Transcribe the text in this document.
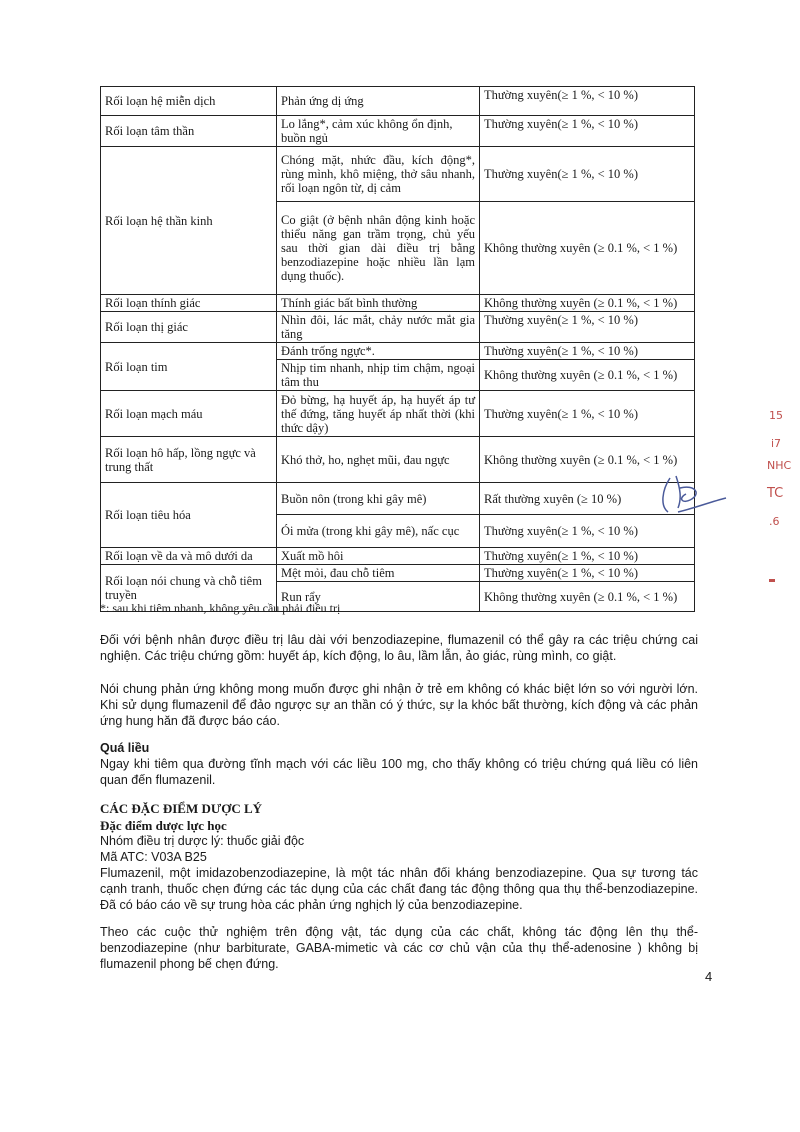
Rối loạn hệ miễn dịch	Phản ứng dị ứng	Thường xuyên(≥ 1 %, < 10 %)
Rối loạn tâm thần	Lo lắng*, cảm xúc không ổn định, buồn ngủ	Thường xuyên(≥ 1 %, < 10 %)
Rối loạn hệ thần kinh	Chóng mặt, nhức đầu, kích động*, rùng mình, khô miệng, thở sâu nhanh, rối loạn ngôn từ, dị cảm	Thường xuyên(≥ 1 %, < 10 %)
	Co giật (ở bệnh nhân động kinh hoặc thiểu năng gan trầm trọng, chủ yếu sau thời gian dài điều trị bằng benzodiazepine hoặc nhiều lần lạm dụng thuốc).	Không thường xuyên (≥ 0.1 %, < 1 %)
Rối loạn thính giác	Thính giác bất bình thường	Không thường xuyên (≥ 0.1 %, < 1 %)
Rối loạn thị giác	Nhìn đôi, lác mắt, chảy nước mắt gia tăng	Thường xuyên(≥ 1 %, < 10 %)
Rối loạn tim	Đánh trống ngực*.	Thường xuyên(≥ 1 %, < 10 %)
	Nhịp tim nhanh, nhịp tim chậm, ngoại tâm thu	Không thường xuyên (≥ 0.1 %, < 1 %)
Rối loạn mạch máu	Đỏ bừng, hạ huyết áp, hạ huyết áp tư thế đứng, tăng huyết áp nhất thời (khi thức dậy)	Thường xuyên(≥ 1 %, < 10 %)
Rối loạn hô hấp, lồng ngực và trung thất	Khó thở, ho, nghẹt mũi, đau ngực	Không thường xuyên (≥ 0.1 %, < 1 %)
Rối loạn tiêu hóa	Buồn nôn (trong khi gây mê)	Rất thường xuyên (≥ 10 %)
	Ói mửa (trong khi gây mê), nấc cục	Thường xuyên(≥ 1 %, < 10 %)
Rối loạn về da và mô dưới da	Xuất mồ hôi	Thường xuyên(≥ 1 %, < 10 %)
Rối loạn nói chung và chỗ tiêm truyền	Mệt mỏi, đau chỗ tiêm	Thường xuyên(≥ 1 %, < 10 %)
	Run rẩy	Không thường xuyên (≥ 0.1 %, < 1 %)
*: sau khi tiêm nhanh, không yêu cầu phải điều trị
Đối với bệnh nhân được điều trị lâu dài với benzodiazepine, flumazenil có thể gây ra các triệu chứng cai nghiện. Các triệu chứng gồm: huyết áp, kích động, lo âu, lầm lẫn, ảo giác, rùng mình, co giật.
Nói chung phản ứng không mong muốn được ghi nhận ở trẻ em không có khác biệt lớn so với người lớn. Khi sử dụng flumazenil để đảo ngược sự an thần có ý thức, sự la khóc bất thường, kích động và các phản ứng hung hăn đã được báo cáo.
Quá liều
Ngay khi tiêm qua đường tĩnh mạch với các liều 100 mg, cho thấy không có triệu chứng quá liều có liên quan đến flumazenil.
CÁC ĐẶC ĐIỂM DƯỢC LÝ
Đặc điểm dược lực học
Nhóm điều trị dược lý: thuốc giải độc
Mã ATC: V03A B25
Flumazenil, một imidazobenzodiazepine, là một tác nhân đối kháng benzodiazepine. Qua sự tương tác cạnh tranh, thuốc chẹn đứng các tác dụng của các chất đang tác động thông qua thụ thể-benzodiazepine. Đã có báo cáo về sự trung hòa các phản ứng nghịch lý của benzodiazepine.
Theo các cuộc thử nghiệm trên động vật, tác dụng của các chất, không tác động lên thụ thể-benzodiazepine (như barbiturate, GABA-mimetic và các cơ chủ vận của thụ thể-adenosine ) không bị flumazenil phong bế chẹn đứng.
4
15
i7
NHC
TC
.6
